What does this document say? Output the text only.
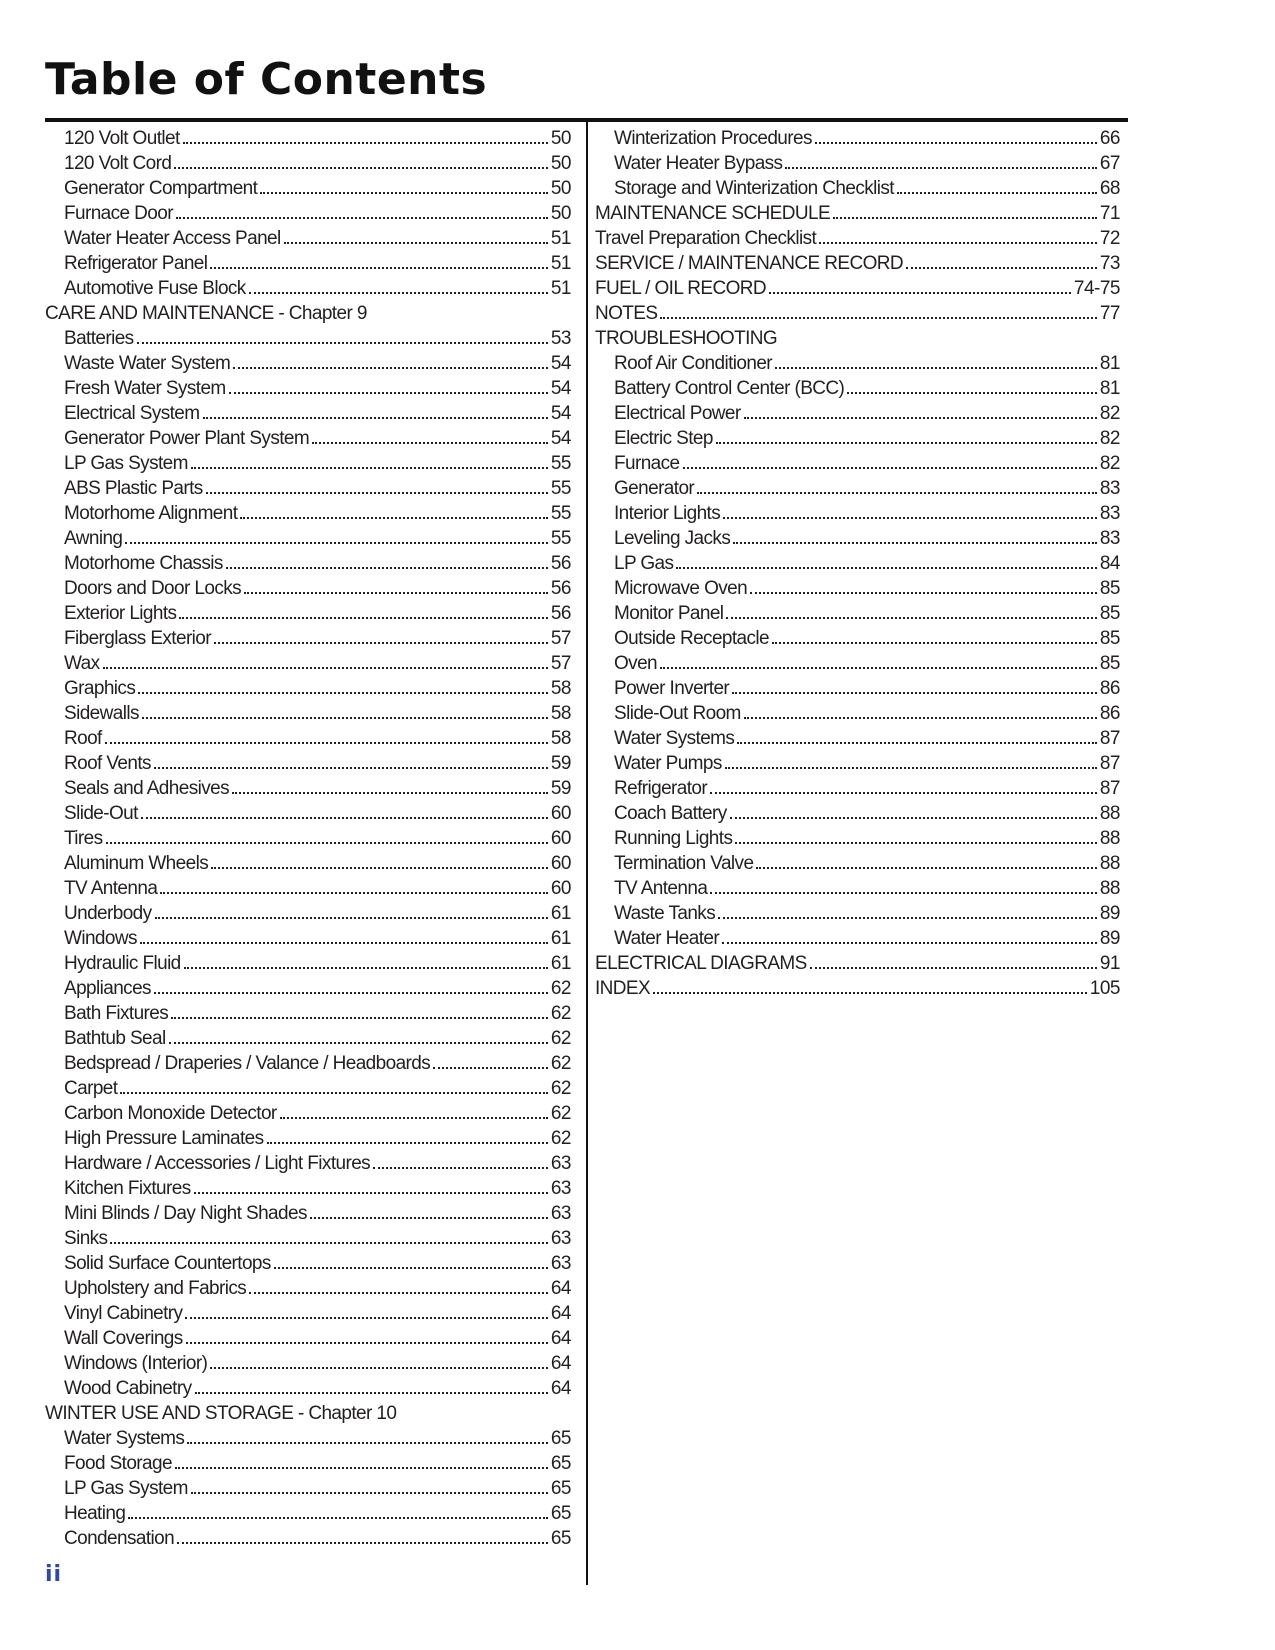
Table of Contents
120 Volt Outlet	50
120 Volt Cord	50
Generator Compartment	50
Furnace Door	50
Water Heater Access Panel	51
Refrigerator Panel	51
Automotive Fuse Block	51
CARE AND MAINTENANCE - Chapter 9
Batteries	53
Waste Water System	54
Fresh Water System	54
Electrical System	54
Generator Power Plant System	54
LP Gas System	55
ABS Plastic Parts	55
Motorhome Alignment	55
Awning	55
Motorhome Chassis	56
Doors and Door Locks	56
Exterior Lights	56
Fiberglass Exterior	57
Wax	57
Graphics	58
Sidewalls	58
Roof	58
Roof Vents	59
Seals and Adhesives	59
Slide-Out	60
Tires	60
Aluminum Wheels	60
TV Antenna	60
Underbody	61
Windows	61
Hydraulic Fluid	61
Appliances	62
Bath Fixtures	62
Bathtub Seal	62
Bedspread / Draperies / Valance / Headboards	62
Carpet	62
Carbon Monoxide Detector	62
High Pressure Laminates	62
Hardware / Accessories / Light Fixtures	63
Kitchen Fixtures	63
Mini Blinds / Day Night Shades	63
Sinks	63
Solid Surface Countertops	63
Upholstery and Fabrics	64
Vinyl Cabinetry	64
Wall Coverings	64
Windows (Interior)	64
Wood Cabinetry	64
WINTER USE AND STORAGE - Chapter 10
Water Systems	65
Food Storage	65
LP Gas System	65
Heating	65
Condensation	65
Winterization Procedures	66
Water Heater Bypass	67
Storage and Winterization Checklist	68
MAINTENANCE SCHEDULE	71
Travel Preparation Checklist	72
SERVICE / MAINTENANCE RECORD	73
FUEL / OIL RECORD	74-75
NOTES	77
TROUBLESHOOTING
Roof Air Conditioner	81
Battery Control Center (BCC)	81
Electrical Power	82
Electric Step	82
Furnace	82
Generator	83
Interior Lights	83
Leveling Jacks	83
LP Gas	84
Microwave Oven	85
Monitor Panel	85
Outside Receptacle	85
Oven	85
Power Inverter	86
Slide-Out Room	86
Water Systems	87
Water Pumps	87
Refrigerator	87
Coach Battery	88
Running Lights	88
Termination Valve	88
TV Antenna	88
Waste Tanks	89
Water Heater	89
ELECTRICAL DIAGRAMS	91
INDEX	105
ii
